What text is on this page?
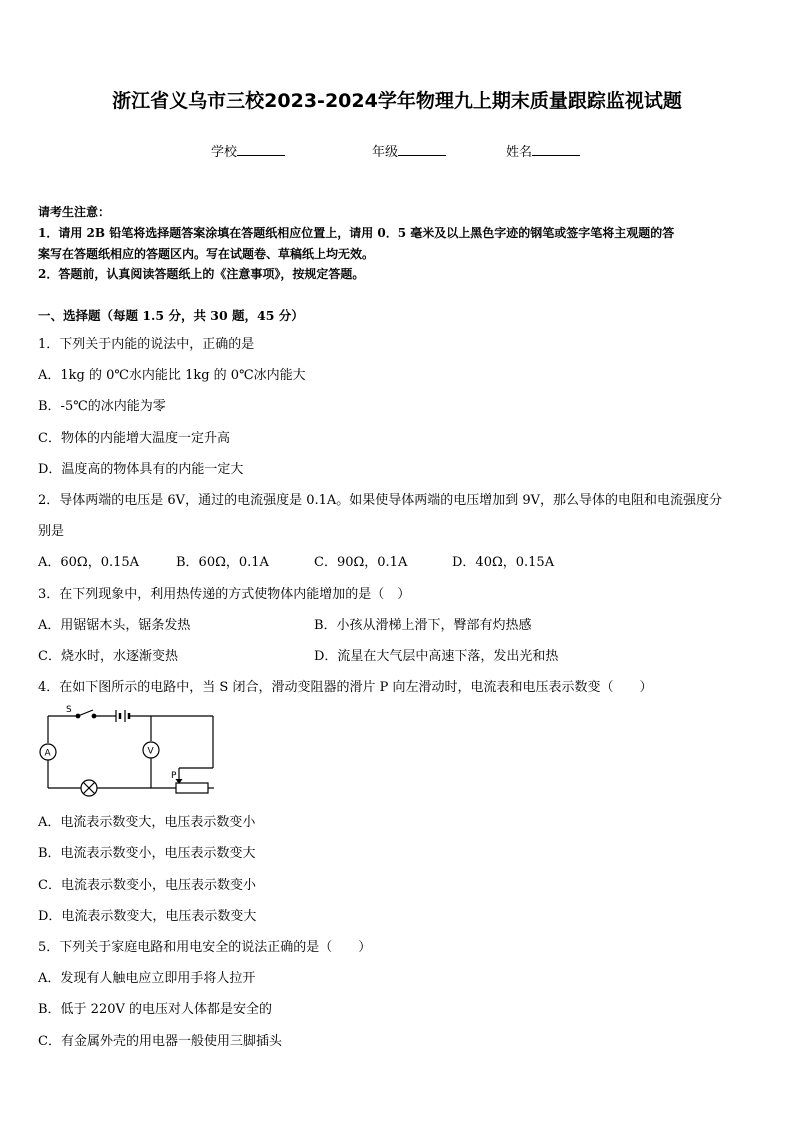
浙江省义乌市三校2023-2024学年物理九上期末质量跟踪监视试题
学校	年级	姓名
请考生注意：
1．请用 2B 铅笔将选择题答案涂填在答题纸相应位置上，请用 0．5 毫米及以上黑色字迹的钢笔或签字笔将主观题的答
案写在答题纸相应的答题区内。写在试题卷、草稿纸上均无效。
2．答题前，认真阅读答题纸上的《注意事项》，按规定答题。
一、选择题（每题 1.5 分，共 30 题，45 分）
1．下列关于内能的说法中，正确的是
A．1kg 的 0℃水内能比 1kg 的 0℃冰内能大
B．-5℃的冰内能为零
C．物体的内能增大温度一定升高
D．温度高的物体具有的内能一定大
2．导体两端的电压是 6V，通过的电流强度是 0.1A。如果使导体两端的电压增加到 9V，那么导体的电阻和电流强度分
别是
A．60Ω，0.15A	B．60Ω，0.1A	C．90Ω，0.1A	D．40Ω，0.15A
3．在下列现象中，利用热传递的方式使物体内能增加的是（　）
A．用锯锯木头，锯条发热	B．小孩从滑梯上滑下，臀部有灼热感
C．烧水时，水逐渐变热	D．流星在大气层中高速下落，发出光和热
4．在如下图所示的电路中，当 S 闭合，滑动变阻器的滑片 P 向左滑动时，电流表和电压表示数变（　　）
S
A	V
P
A．电流表示数变大，电压表示数变小
B．电流表示数变小，电压表示数变大
C．电流表示数变小，电压表示数变小
D．电流表示数变大，电压表示数变大
5．下列关于家庭电路和用电安全的说法正确的是（　　）
A．发现有人触电应立即用手将人拉开
B．低于 220V 的电压对人体都是安全的
C．有金属外壳的用电器一般使用三脚插头
